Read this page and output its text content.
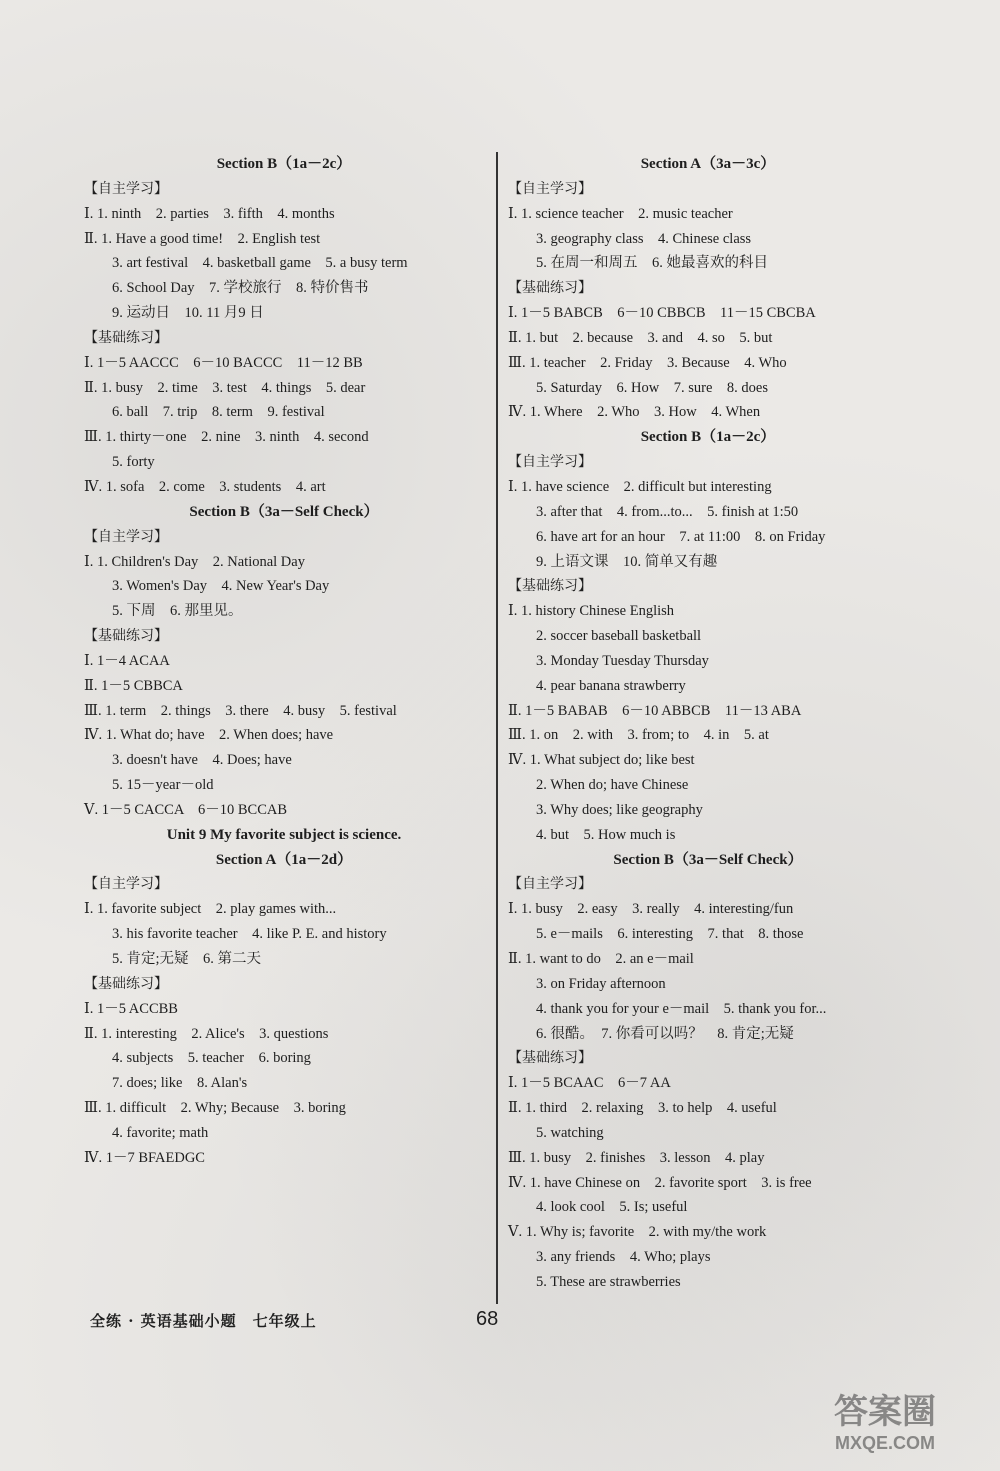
Section B（1a－2c）
【自主学习】
Ⅰ. 1. ninth　2. parties　3. fifth　4. months
Ⅱ. 1. Have a good time!　2. English test
3. art festival　4. basketball game　5. a busy term
6. School Day　7. 学校旅行　8. 特价售书
9. 运动日　10. 11 月9 日
【基础练习】
Ⅰ. 1－5 AACCC　6－10 BACCC　11－12 BB
Ⅱ. 1. busy　2. time　3. test　4. things　5. dear
6. ball　7. trip　8. term　9. festival
Ⅲ. 1. thirty－one　2. nine　3. ninth　4. second
5. forty
Ⅳ. 1. sofa　2. come　3. students　4. art
Section B（3a－Self Check）
【自主学习】
Ⅰ. 1. Children's Day　2. National Day
3. Women's Day　4. New Year's Day
5. 下周　6. 那里见。
【基础练习】
Ⅰ. 1－4 ACAA
Ⅱ. 1－5 CBBCA
Ⅲ. 1. term　2. things　3. there　4. busy　5. festival
Ⅳ. 1. What do; have　2. When does; have
3. doesn't have　4. Does; have
5. 15－year－old
Ⅴ. 1－5 CACCA　6－10 BCCAB
Unit 9 My favorite subject is science.
Section A（1a－2d）
【自主学习】
Ⅰ. 1. favorite subject　2. play games with...
3. his favorite teacher　4. like P. E. and history
5. 肯定;无疑　6. 第二天
【基础练习】
Ⅰ. 1－5 ACCBB
Ⅱ. 1. interesting　2. Alice's　3. questions
4. subjects　5. teacher　6. boring
7. does; like　8. Alan's
Ⅲ. 1. difficult　2. Why; Because　3. boring
4. favorite; math
Ⅳ. 1－7 BFAEDGC
Section A（3a－3c）
【自主学习】
Ⅰ. 1. science teacher　2. music teacher
3. geography class　4. Chinese class
5. 在周一和周五　6. 她最喜欢的科目
【基础练习】
Ⅰ. 1－5 BABCB　6－10 CBBCB　11－15 CBCBA
Ⅱ. 1. but　2. because　3. and　4. so　5. but
Ⅲ. 1. teacher　2. Friday　3. Because　4. Who
5. Saturday　6. How　7. sure　8. does
Ⅳ. 1. Where　2. Who　3. How　4. When
Section B（1a－2c）
【自主学习】
Ⅰ. 1. have science　2. difficult but interesting
3. after that　4. from...to...　5. finish at 1:50
6. have art for an hour　7. at 11:00　8. on Friday
9. 上语文课　10. 简单又有趣
【基础练习】
Ⅰ. 1. history Chinese English
2. soccer baseball basketball
3. Monday Tuesday Thursday
4. pear banana strawberry
Ⅱ. 1－5 BABAB　6－10 ABBCB　11－13 ABA
Ⅲ. 1. on　2. with　3. from; to　4. in　5. at
Ⅳ. 1. What subject do; like best
2. When do; have Chinese
3. Why does; like geography
4. but　5. How much is
Section B（3a－Self Check）
【自主学习】
Ⅰ. 1. busy　2. easy　3. really　4. interesting/fun
5. e－mails　6. interesting　7. that　8. those
Ⅱ. 1. want to do　2. an e－mail
3. on Friday afternoon
4. thank you for your e－mail　5. thank you for...
6. 很酷。　7. 你看可以吗？　8. 肯定;无疑
【基础练习】
Ⅰ. 1－5 BCAAC　6－7 AA
Ⅱ. 1. third　2. relaxing　3. to help　4. useful
5. watching
Ⅲ. 1. busy　2. finishes　3. lesson　4. play
Ⅳ. 1. have Chinese on　2. favorite sport　3. is free
4. look cool　5. Is; useful
Ⅴ. 1. Why is; favorite　2. with my/the work
3. any friends　4. Who; plays
5. These are strawberries
全练 · 英语基础小题　七年级上	68
答案圈
MXQE.COM
